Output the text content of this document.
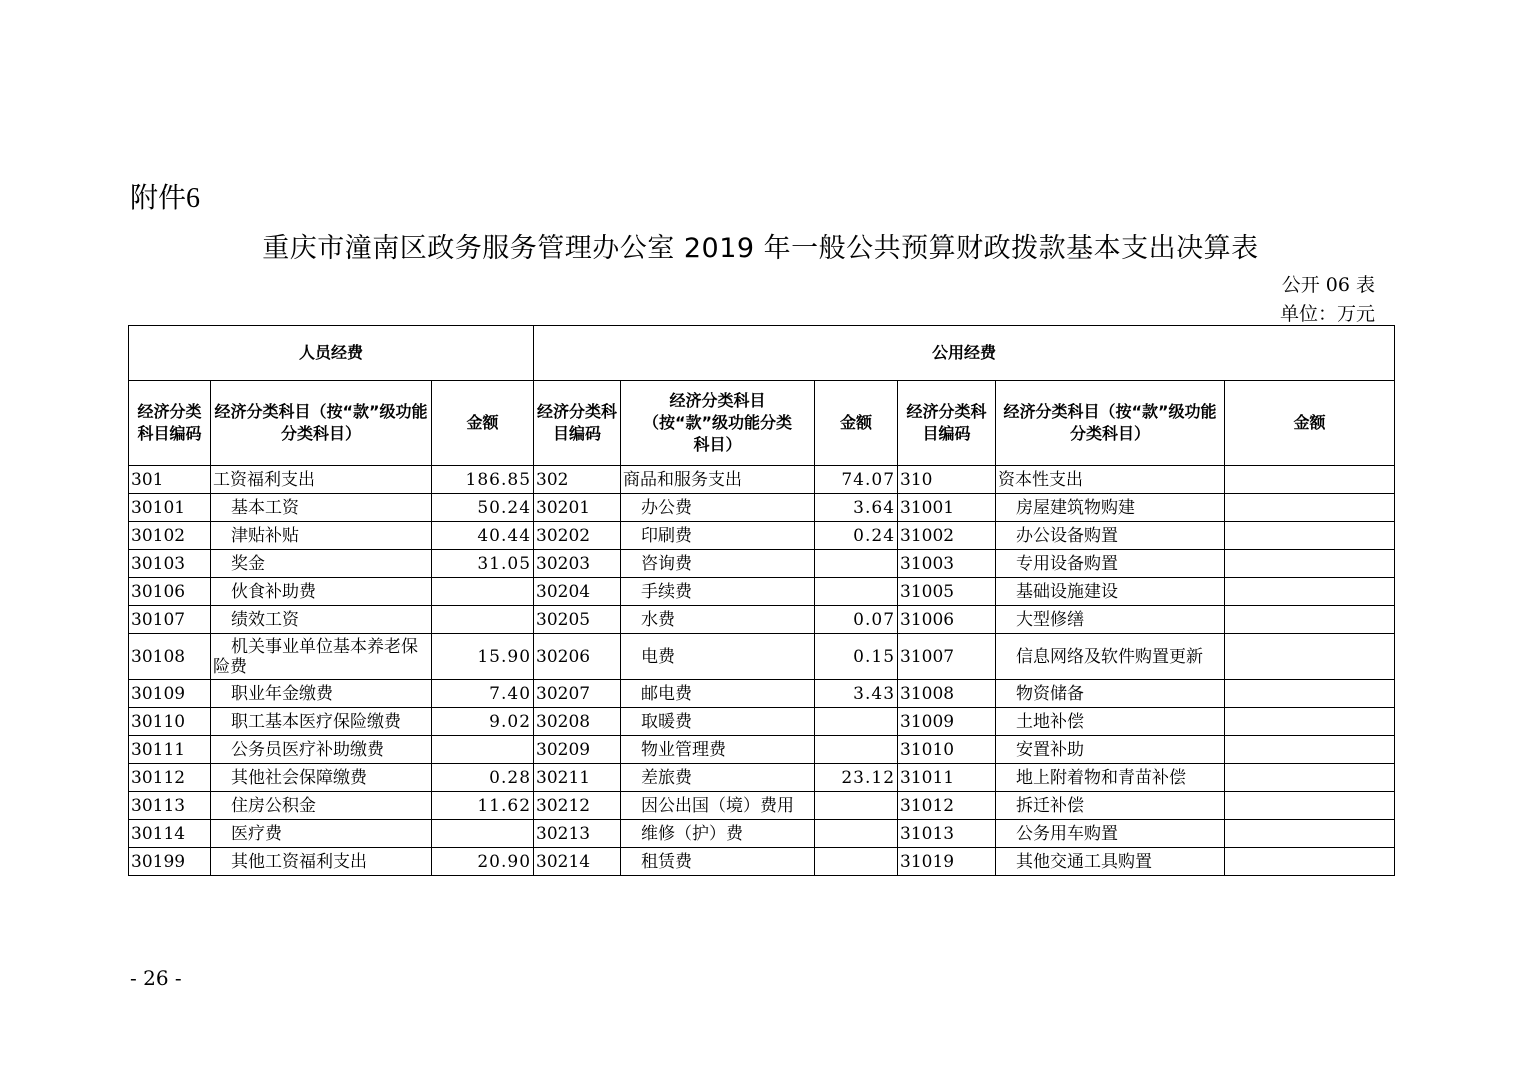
附件6
重庆市潼南区政务服务管理办公室 2019 年一般公共预算财政拨款基本支出决算表
公开 06 表
单位：万元
人员经费			公用经费					
经济分类科目编码	经济分类科目（按“款”级功能分类科目）	金额	经济分类科目编码	经济分类科目（按“款”级功能分类科目）	金额	经济分类科目编码	经济分类科目（按“款”级功能分类科目）	金额
301	工资福利支出	186.85	302	商品和服务支出	74.07	310	资本性支出	
30101	基本工资	50.24	30201	办公费	3.64	31001	房屋建筑物购建	
30102	津贴补贴	40.44	30202	印刷费	0.24	31002	办公设备购置	
30103	奖金	31.05	30203	咨询费		31003	专用设备购置	
30106	伙食补助费		30204	手续费		31005	基础设施建设	
30107	绩效工资		30205	水费	0.07	31006	大型修缮	
30108	机关事业单位基本养老保险费	15.90	30206	电费	0.15	31007	信息网络及软件购置更新	
30109	职业年金缴费	7.40	30207	邮电费	3.43	31008	物资储备	
30110	职工基本医疗保险缴费	9.02	30208	取暖费		31009	土地补偿	
30111	公务员医疗补助缴费		30209	物业管理费		31010	安置补助	
30112	其他社会保障缴费	0.28	30211	差旅费	23.12	31011	地上附着物和青苗补偿	
30113	住房公积金	11.62	30212	因公出国（境）费用		31012	拆迁补偿	
30114	医疗费		30213	维修（护）费		31013	公务用车购置	
30199	其他工资福利支出	20.90	30214	租赁费		31019	其他交通工具购置	
- 26 -
